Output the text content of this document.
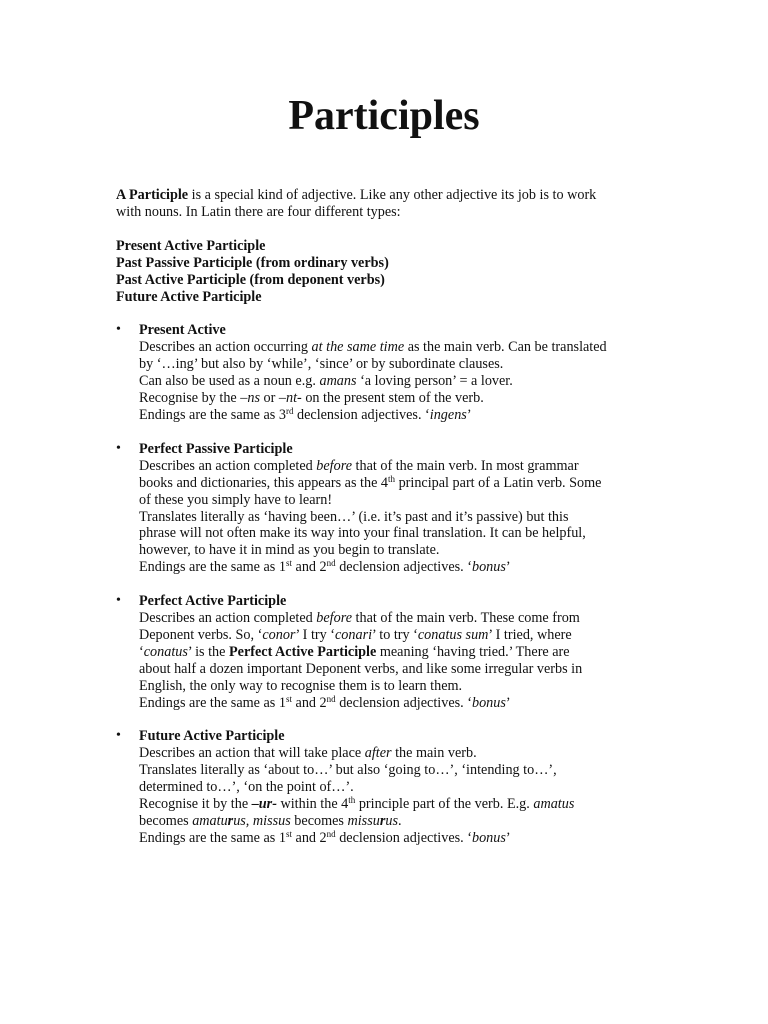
Participles

A Participle is a special kind of adjective. Like any other adjective its job is to work
with nouns. In Latin there are four different types:

Present Active Participle

Past Passive Participle (from ordinary verbs)

Past Active Participle (from deponent verbs)

Future Active Participle

• Present Active

Describes an action occurring at the same time as the main verb. Can be translated

by ‘…ing’ but also by ‘while’, ‘since’ or by subordinate clauses.

Can also be used as a noun e.g. amans ‘a loving person’ = a lover.

Recognise by the –ns or –nt- on the present stem of the verb.

Endings are the same as 3rd declension adjectives. ‘ingens’

• Perfect Passive Participle

Describes an action completed before that of the main verb. In most grammar

books and dictionaries, this appears as the 4th principal part of a Latin verb. Some

of these you simply have to learn!

Translates literally as ‘having been…’ (i.e. it’s past and it’s passive) but this

phrase will not often make its way into your final translation. It can be helpful,

however, to have it in mind as you begin to translate.

Endings are the same as 1st and 2nd declension adjectives. ‘bonus’

• Perfect Active Participle

Describes an action completed before that of the main verb. These come from

Deponent verbs. So, ‘conor’ I try ‘conari’ to try ‘conatus sum’ I tried, where

‘conatus’ is the Perfect Active Participle meaning ‘having tried.’ There are

about half a dozen important Deponent verbs, and like some irregular verbs in

English, the only way to recognise them is to learn them.

Endings are the same as 1st and 2nd declension adjectives. ‘bonus’

• Future Active Participle

Describes an action that will take place after the main verb.

Translates literally as ‘about to…’ but also ‘going to…’, ‘intending to…’,

determined to…’, ‘on the point of…’.

Recognise it by the –ur- within the 4th principle part of the verb. E.g. amatus

becomes amaturus, missus becomes missurus.

Endings are the same as 1st and 2nd declension adjectives. ‘bonus’
